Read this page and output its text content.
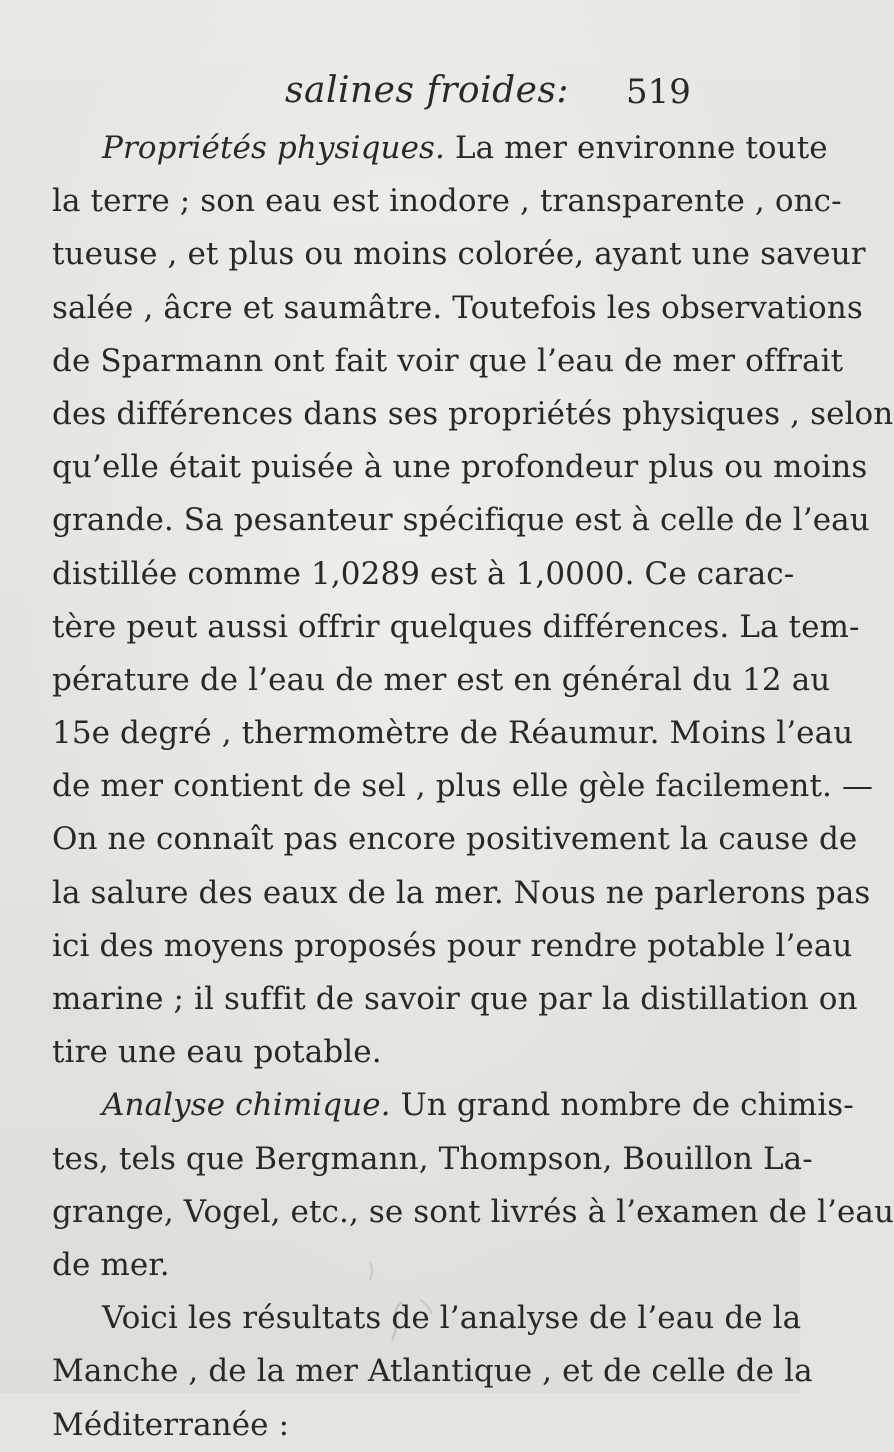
salines froides: 519
Propriétés physiques. La mer environne toute
la terre ; son eau est inodore , transparente , onc-
tueuse , et plus ou moins colorée, ayant une saveur
salée , âcre et saumâtre. Toutefois les observations
de Sparmann ont fait voir que l’eau de mer offrait
des différences dans ses propriétés physiques , selon
qu’elle était puisée à une profondeur plus ou moins
grande. Sa pesanteur spécifique est à celle de l’eau
distillée comme 1,0289 est à 1,0000. Ce carac-
tère peut aussi offrir quelques différences. La tem-
pérature de l’eau de mer est en général du 12 au
15e degré , thermomètre de Réaumur. Moins l’eau
de mer contient de sel , plus elle gèle facilement. —
On ne connaît pas encore positivement la cause de
la salure des eaux de la mer. Nous ne parlerons pas
ici des moyens proposés pour rendre potable l’eau
marine ; il suffit de savoir que par la distillation on
tire une eau potable.
Analyse chimique. Un grand nombre de chimis-
tes, tels que Bergmann, Thompson, Bouillon La-
grange, Vogel, etc., se sont livrés à l’examen de l’eau
de mer.
Voici les résultats de l’analyse de l’eau de la
Manche , de la mer Atlantique , et de celle de la
Méditerranée :
